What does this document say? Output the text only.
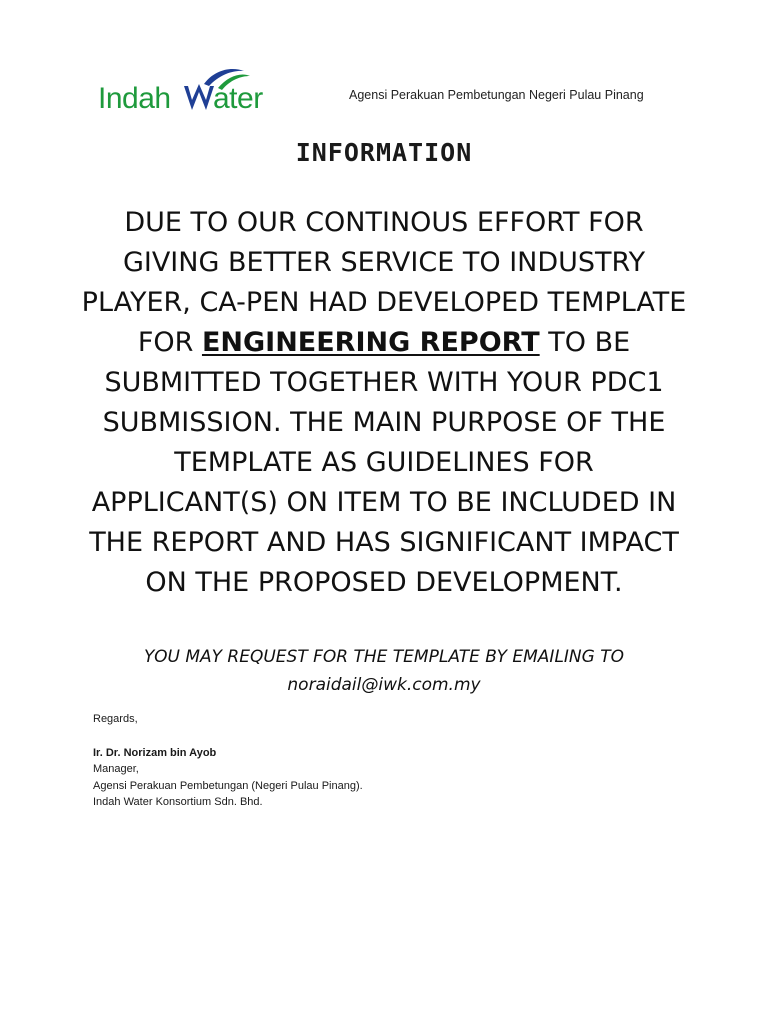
Indah ater	Agensi Perakuan Pembetungan Negeri Pulau Pinang
INFORMATION
DUE TO OUR CONTINOUS EFFORT FOR GIVING BETTER SERVICE TO INDUSTRY PLAYER, CA-PEN HAD DEVELOPED TEMPLATE FOR ENGINEERING REPORT TO BE SUBMITTED TOGETHER WITH YOUR PDC1 SUBMISSION. THE MAIN PURPOSE OF THE TEMPLATE AS GUIDELINES FOR APPLICANT(S) ON ITEM TO BE INCLUDED IN THE REPORT AND HAS SIGNIFICANT IMPACT ON THE PROPOSED DEVELOPMENT.
YOU MAY REQUEST FOR THE TEMPLATE BY EMAILING TO
noraidail@iwk.com.my
Regards,
Ir. Dr. Norizam bin Ayob
Manager,
Agensi Perakuan Pembetungan (Negeri Pulau Pinang).
Indah Water Konsortium Sdn. Bhd.
